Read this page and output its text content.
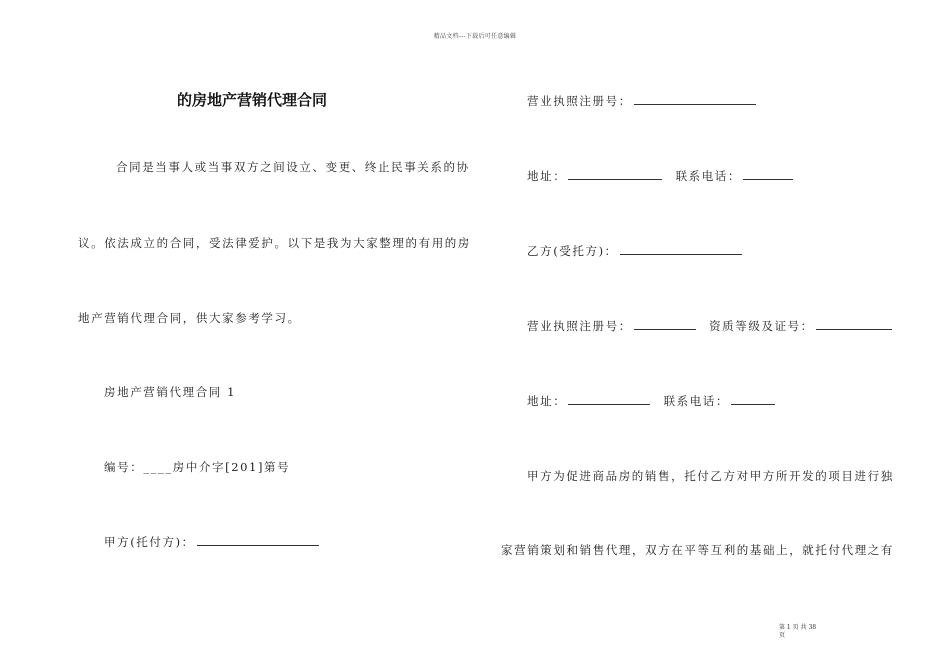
精品文档---下载后可任意编辑
的房地产营销代理合同
合同是当事人或当事双方之间设立、变更、终止民事关系的协
议。依法成立的合同，受法律爱护。以下是我为大家整理的有用的房
地产营销代理合同，供大家参考学习。
房地产营销代理合同 1
编号：____房中介字[201]第号
甲方(托付方)：
营业执照注册号：
地址：	联系电话：
乙方(受托方)：
营业执照注册号：	资质等级及证号：
地址：	联系电话：
甲方为促进商品房的销售，托付乙方对甲方所开发的项目进行独
家营销策划和销售代理，双方在平等互利的基础上，就托付代理之有
第 1 页 共 38
页
